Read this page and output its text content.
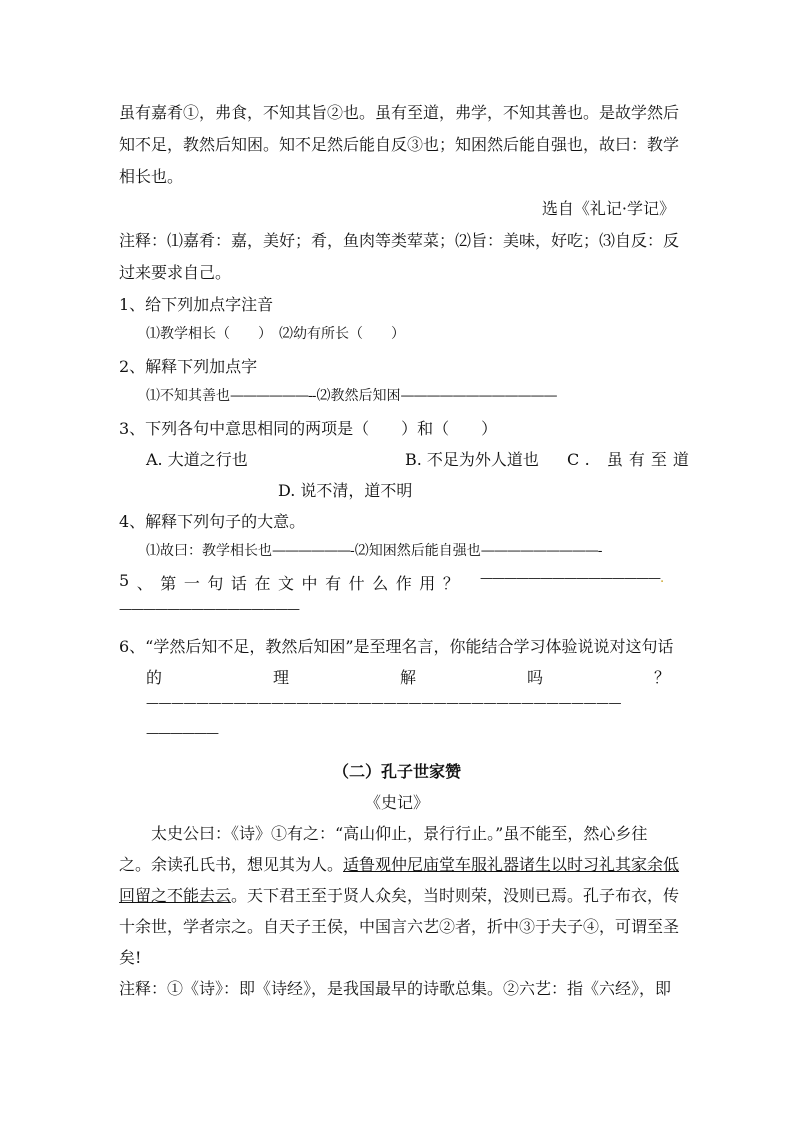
虽有嘉肴①，弗食，不知其旨②也。虽有至道，弗学，不知其善也。是故学然后
知不足，教然后知困。知不足然后能自反③也；知困然后能自强也，故曰：教学
相长也。
选自《礼记·学记》
注释：⑴嘉肴：嘉，美好；肴，鱼肉等类荤菜；⑵旨：美味，好吃；⑶自反：反
过来要求自己。
1、给下列加点字注音
⑴教学相长（　　）　⑵幼有所长（　　）
2、解释下列加点字
⑴不知其善也——————--⑵教然后知困————————————
3、下列各句中意思相同的两项是（　　）和（　　）
A. 大道之行也	B. 不足为外人道也 C. 虽有至道
D. 说不清，道不明
4、解释下列句子的大意。
⑴故曰：教学相长也——————-⑵知困然后能自强也—————————-
5 、 第 一 句 话 在 文 中 有 什 么 作 用 ？ ———————————————.
———————————————
6、“学然后知不足，教然后知困”是至理名言，你能结合学习体验说说对这句话
的	理	解	吗	？
——————————————————————————————————————
——————
（二）孔子世家赞
《史记》
太史公曰：《诗》①有之：“高山仰止，景行行止。”虽不能至，然心乡往
之。余读孔氏书，想见其为人。适鲁观仲尼庙堂车服礼器诸生以时习礼其家余低
回留之不能去云。天下君王至于贤人众矣，当时则荣，没则已焉。孔子布衣，传
十余世，学者宗之。自天子王侯，中国言六艺②者，折中③于夫子④，可谓至圣
矣!
注释：①《诗》：即《诗经》，是我国最早的诗歌总集。②六艺：指《六经》，即
